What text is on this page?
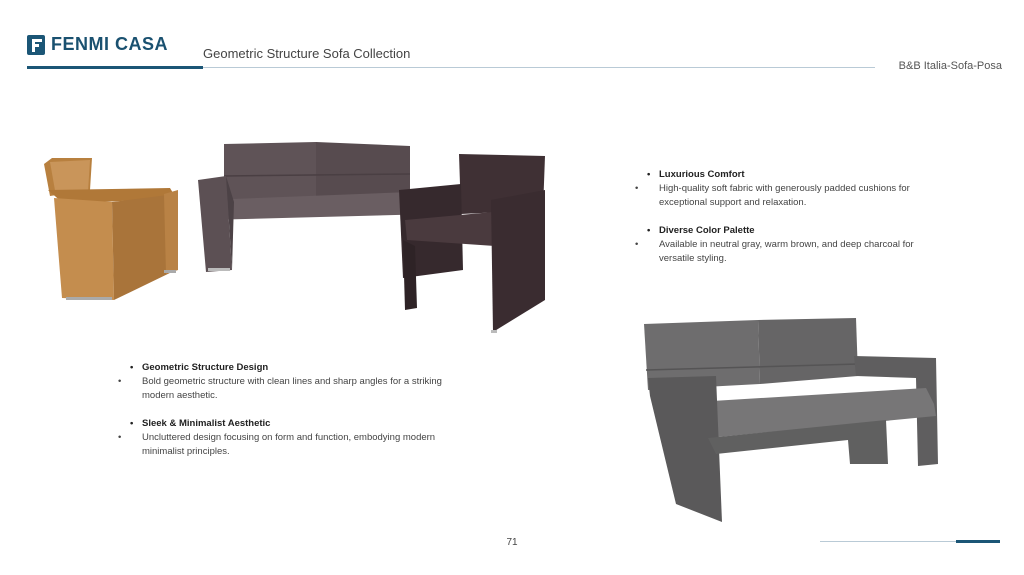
FENMI CASA	Geometric Structure Sofa Collection
B&B Italia-Sofa-Posa
• Geometric Structure Design
• Bold geometric structure with clean lines and sharp angles for a striking modern aesthetic.
• Sleek & Minimalist Aesthetic
• Uncluttered design focusing on form and function, embodying modern minimalist principles.
• Luxurious Comfort
• High-quality soft fabric with generously padded cushions for exceptional support and relaxation.
• Diverse Color Palette
• Available in neutral gray, warm brown, and deep charcoal for versatile styling.
71
